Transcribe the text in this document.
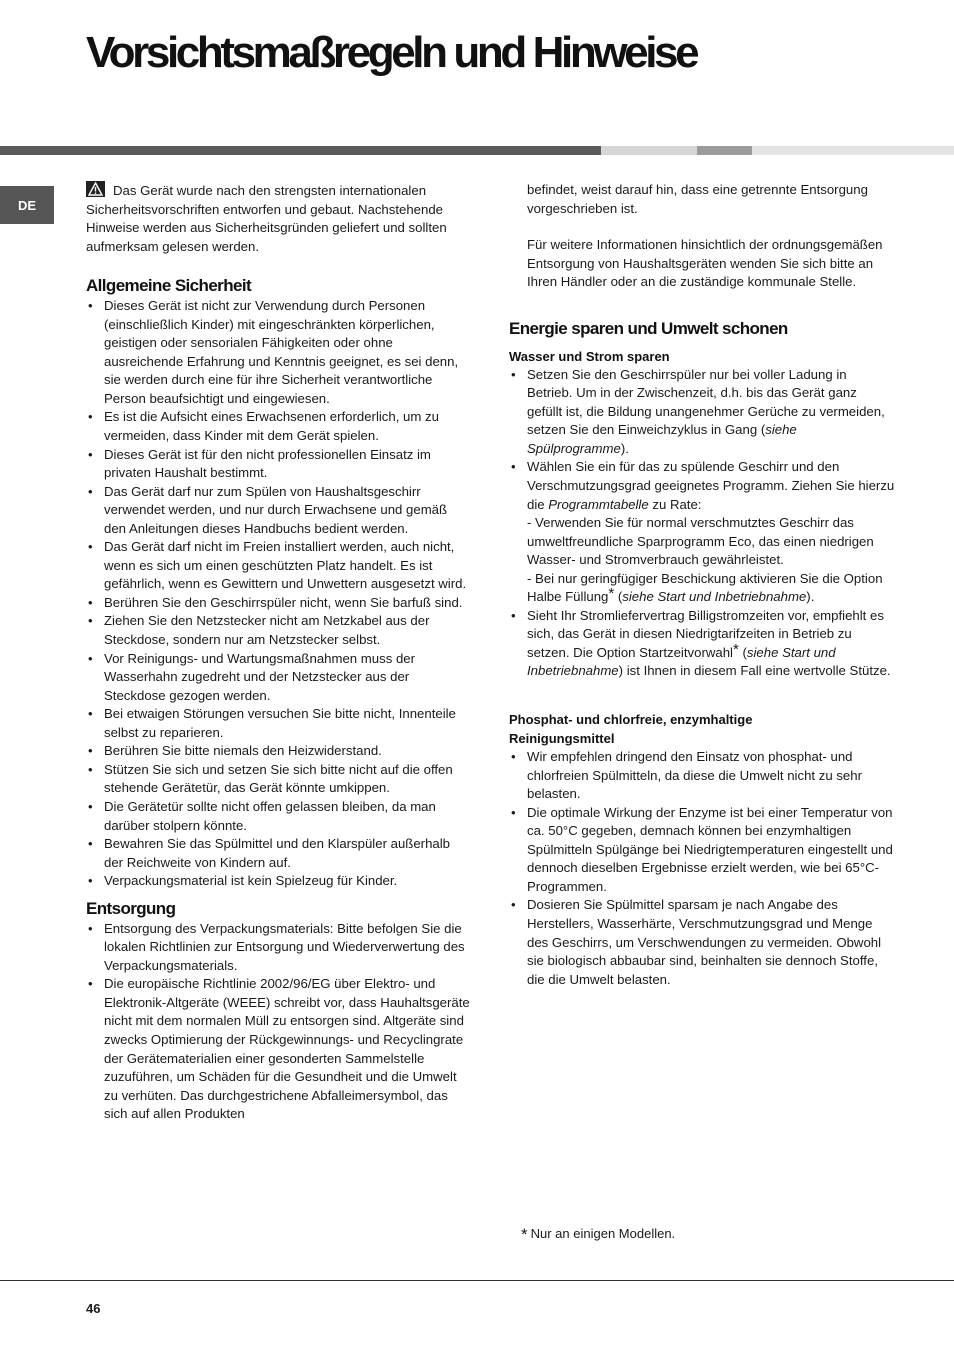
Vorsichtsmaßregeln und Hinweise
DE

Das Gerät wurde nach den strengsten internationalen Sicherheitsvorschriften entworfen und gebaut. Nachstehende Hinweise werden aus Sicherheitsgründen geliefert und sollten aufmerksam gelesen werden.

Allgemeine Sicherheit
• Dieses Gerät ist nicht zur Verwendung durch Personen (einschließlich Kinder) mit eingeschränkten körperlichen, geistigen oder sensorialen Fähigkeiten oder ohne ausreichende Erfahrung und Kenntnis geeignet, es sei denn, sie werden durch eine für ihre Sicherheit verantwortliche Person beaufsichtigt und eingewiesen.
• Es ist die Aufsicht eines Erwachsenen erforderlich, um zu vermeiden, dass Kinder mit dem Gerät spielen.
• Dieses Gerät ist für den nicht professionellen Einsatz im privaten Haushalt bestimmt.
• Das Gerät darf nur zum Spülen von Haushaltsgeschirr verwendet werden, und nur durch Erwachsene und gemäß den Anleitungen dieses Handbuchs bedient werden.
• Das Gerät darf nicht im Freien installiert werden, auch nicht, wenn es sich um einen geschützten Platz handelt. Es ist gefährlich, wenn es Gewittern und Unwettern ausgesetzt wird.
• Berühren Sie den Geschirrspüler nicht, wenn Sie barfuß sind.
• Ziehen Sie den Netzstecker nicht am Netzkabel aus der Steckdose, sondern nur am Netzstecker selbst.
• Vor Reinigungs- und Wartungsmaßnahmen muss der Wasserhahn zugedreht und der Netzstecker aus der Steckdose gezogen werden.
• Bei etwaigen Störungen versuchen Sie bitte nicht, Innenteile selbst zu reparieren.
• Berühren Sie bitte niemals den Heizwiderstand.
• Stützen Sie sich und setzen Sie sich bitte nicht auf die offen stehende Gerätetür, das Gerät könnte umkippen.
• Die Gerätetür sollte nicht offen gelassen bleiben, da man darüber stolpern könnte.
• Bewahren Sie das Spülmittel und den Klarspüler außerhalb der Reichweite von Kindern auf.
• Verpackungsmaterial ist kein Spielzeug für Kinder.
Entsorgung
• Entsorgung des Verpackungsmaterials: Bitte befolgen Sie die lokalen Richtlinien zur Entsorgung und Wiederverwertung des Verpackungsmaterials.
• Die europäische Richtlinie 2002/96/EG über Elektro- und Elektronik-Altgeräte (WEEE) schreibt vor, dass Hauhaltsgeräte nicht mit dem normalen Müll zu entsorgen sind. Altgeräte sind zwecks Optimierung der Rückgewinnungs- und Recyclingrate der Gerätematerialien einer gesonderten Sammelstelle zuzuführen, um Schäden für die Gesundheit und die Umwelt zu verhüten. Das durchgestrichene Abfalleimersymbol, das sich auf allen Produkten

befindet, weist darauf hin, dass eine getrennte Entsorgung vorgeschrieben ist.

Für weitere Informationen hinsichtlich der ordnungsgemäßen Entsorgung von Haushaltsgeräten wenden Sie sich bitte an Ihren Händler oder an die zuständige kommunale Stelle.

Energie sparen und Umwelt schonen
Wasser und Strom sparen
• Setzen Sie den Geschirrspüler nur bei voller Ladung in Betrieb. Um in der Zwischenzeit, d.h. bis das Gerät ganz gefüllt ist, die Bildung unangenehmer Gerüche zu vermeiden, setzen Sie den Einweichzyklus in Gang (siehe Spülprogramme).
• Wählen Sie ein für das zu spülende Geschirr und den Verschmutzungsgrad geeignetes Programm. Ziehen Sie hierzu die Programmtabelle zu Rate:
- Verwenden Sie für normal verschmutztes Geschirr das umweltfreundliche Sparprogramm Eco, das einen niedrigen Wasser- und Stromverbrauch gewährleistet.
- Bei nur geringfügiger Beschickung aktivieren Sie die Option Halbe Füllung* (siehe Start und Inbetriebnahme).
• Sieht Ihr Stromliefervertrag Billigstromzeiten vor, empfiehlt es sich, das Gerät in diesen Niedrigtarifzeiten in Betrieb zu setzen. Die Option Startzeitvorwahl* (siehe Start und Inbetriebnahme) ist Ihnen in diesem Fall eine wertvolle Stütze.
Phosphat- und chlorfreie, enzymhaltige
Reinigungsmittel
• Wir empfehlen dringend den Einsatz von phosphat- und chlorfreien Spülmitteln, da diese die Umwelt nicht zu sehr belasten.
• Die optimale Wirkung der Enzyme ist bei einer Temperatur von ca. 50°C gegeben, demnach können bei enzymhaltigen Spülmitteln Spülgänge bei Niedrigtemperaturen eingestellt und dennoch dieselben Ergebnisse erzielt werden, wie bei 65°C-Programmen.
• Dosieren Sie Spülmittel sparsam je nach Angabe des Herstellers, Wasserhärte, Verschmutzungsgrad und Menge des Geschirrs, um Verschwendungen zu vermeiden. Obwohl sie biologisch abbaubar sind, beinhalten sie dennoch Stoffe, die die Umwelt belasten.
* Nur an einigen Modellen.
46
